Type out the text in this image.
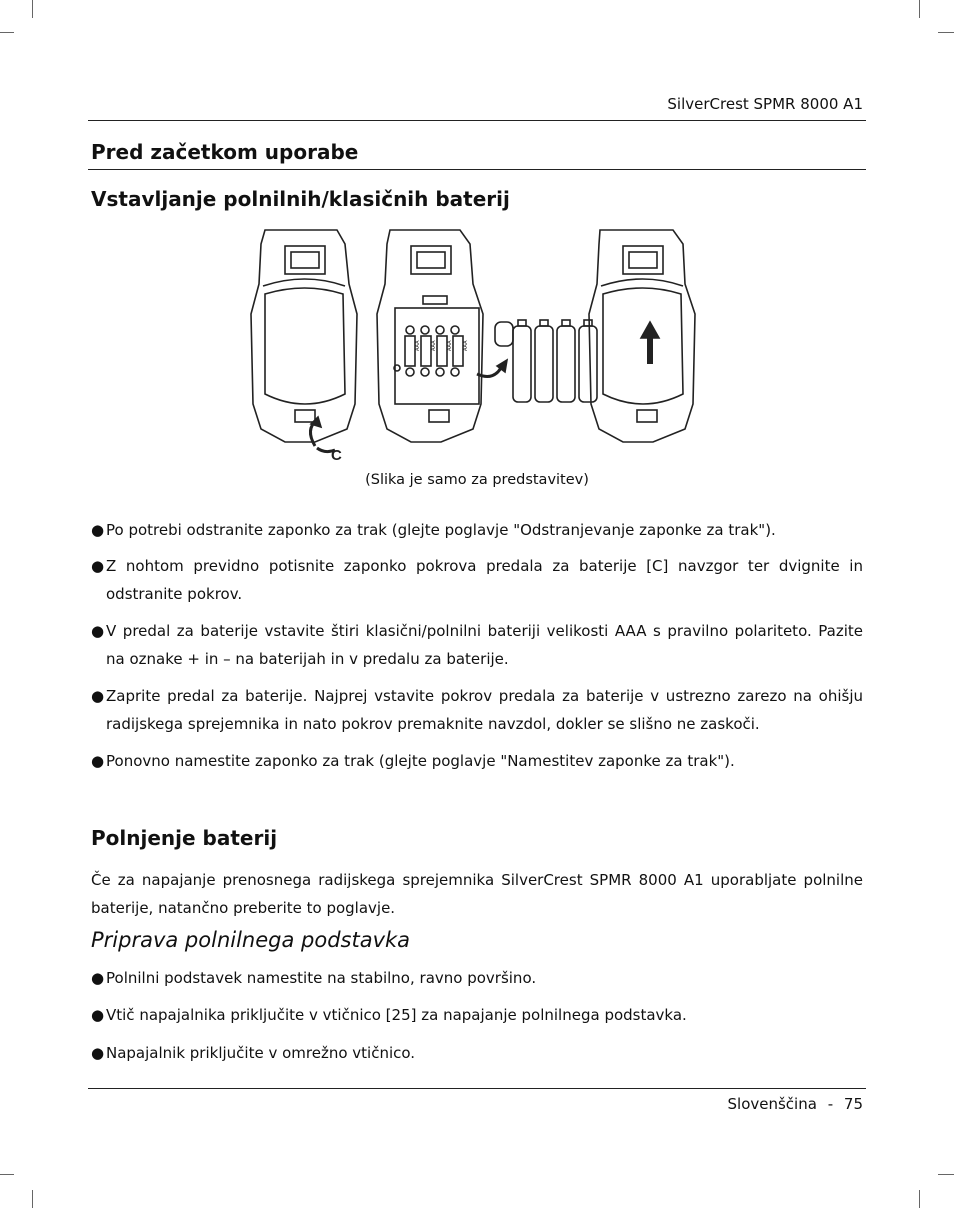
SilverCrest SPMR 8000 A1
Pred začetkom uporabe
Vstavljanje polnilnih/klasičnih baterij
C
AAA AAA AAA AAA
(Slika je samo za predstavitev)
● Po potrebi odstranite zaponko za trak (glejte poglavje "Odstranjevanje zaponke za trak").
● Z nohtom previdno potisnite zaponko pokrova predala za baterije [C] navzgor ter dvignite in odstranite pokrov.
● V predal za baterije vstavite štiri klasični/polnilni bateriji velikosti AAA s pravilno polariteto. Pazite na oznake + in – na baterijah in v predalu za baterije.
● Zaprite predal za baterije. Najprej vstavite pokrov predala za baterije v ustrezno zarezo na ohišju radijskega sprejemnika in nato pokrov premaknite navzdol, dokler se slišno ne zaskoči.
● Ponovno namestite zaponko za trak (glejte poglavje "Namestitev zaponke za trak").
Polnjenje baterij
Če za napajanje prenosnega radijskega sprejemnika SilverCrest SPMR 8000 A1 uporabljate polnilne baterije, natančno preberite to poglavje.
Priprava polnilnega podstavka
● Polnilni podstavek namestite na stabilno, ravno površino.
● Vtič napajalnika priključite v vtičnico [25] za napajanje polnilnega podstavka.
● Napajalnik priključite v omrežno vtičnico.
Slovenščina - 75
